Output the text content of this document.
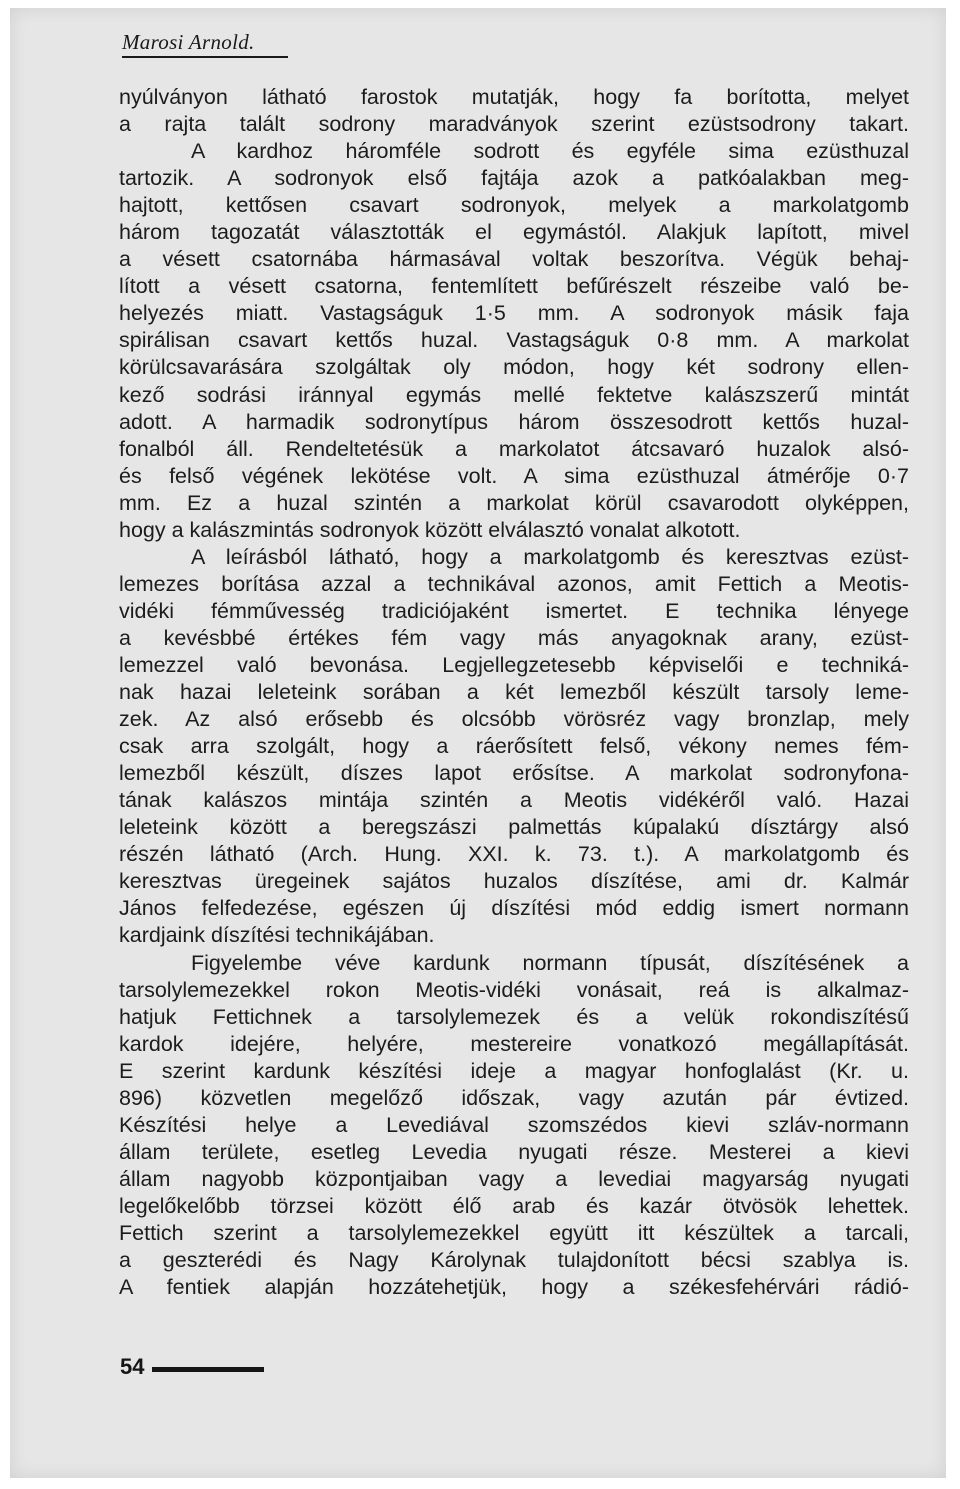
Marosi Arnold.
nyúlványon látható farostok mutatják, hogy fa borította, melyet
a rajta talált sodrony maradványok szerint ezüstsodrony takart.
A kardhoz háromféle sodrott és egyféle sima ezüsthuzal
tartozik. A sodronyok első fajtája azok a patkóalakban meg-
hajtott, kettősen csavart sodronyok, melyek a markolatgomb
három tagozatát választották el egymástól. Alakjuk lapított, mivel
a vésett csatornába hármasával voltak beszorítva. Végük behaj-
lított a vésett csatorna, fentemlített befűrészelt részeibe való be-
helyezés miatt. Vastagságuk 1·5 mm. A sodronyok másik faja
spirálisan csavart kettős huzal. Vastagságuk 0·8 mm. A markolat
körülcsavarására szolgáltak oly módon, hogy két sodrony ellen-
kező sodrási iránnyal egymás mellé fektetve kalászszerű mintát
adott. A harmadik sodronytípus három összesodrott kettős huzal-
fonalból áll. Rendeltetésük a markolatot átcsavaró huzalok alsó-
és felső végének lekötése volt. A sima ezüsthuzal átmérője 0·7
mm. Ez a huzal szintén a markolat körül csavarodott olyképpen,
hogy a kalászmintás sodronyok között elválasztó vonalat alkotott.
A leírásból látható, hogy a markolatgomb és keresztvas ezüst-
lemezes borítása azzal a technikával azonos, amit Fettich a Meotis-
vidéki fémművesség tradiciójaként ismertet. E technika lényege
a kevésbbé értékes fém vagy más anyagoknak arany, ezüst-
lemezzel való bevonása. Legjellegzetesebb képviselői e techniká-
nak hazai leleteink sorában a két lemezből készült tarsoly leme-
zek. Az alsó erősebb és olcsóbb vörösréz vagy bronzlap, mely
csak arra szolgált, hogy a ráerősített felső, vékony nemes fém-
lemezből készült, díszes lapot erősítse. A markolat sodronyfona-
tának kalászos mintája szintén a Meotis vidékéről való. Hazai
leleteink között a beregszászi palmettás kúpalakú dísztárgy alsó
részén látható (Arch. Hung. XXI. k. 73. t.). A markolatgomb és
keresztvas üregeinek sajátos huzalos díszítése, ami dr. Kalmár
János felfedezése, egészen új díszítési mód eddig ismert normann
kardjaink díszítési technikájában.
Figyelembe véve kardunk normann típusát, díszítésének a
tarsolylemezekkel rokon Meotis-vidéki vonásait, reá is alkalmaz-
hatjuk Fettichnek a tarsolylemezek és a velük rokondiszítésű
kardok idejére, helyére, mestereire vonatkozó megállapítását.
E szerint kardunk készítési ideje a magyar honfoglalást (Kr. u.
896) közvetlen megelőző időszak, vagy azután pár évtized.
Készítési helye a Levediával szomszédos kievi szláv-normann
állam területe, esetleg Levedia nyugati része. Mesterei a kievi
állam nagyobb központjaiban vagy a levediai magyarság nyugati
legelőkelőbb törzsei között élő arab és kazár ötvösök lehettek.
Fettich szerint a tarsolylemezekkel együtt itt készültek a tarcali,
a geszterédi és Nagy Károlynak tulajdonított bécsi szablya is.
A fentiek alapján hozzátehetjük, hogy a székesfehérvári rádió-
54
